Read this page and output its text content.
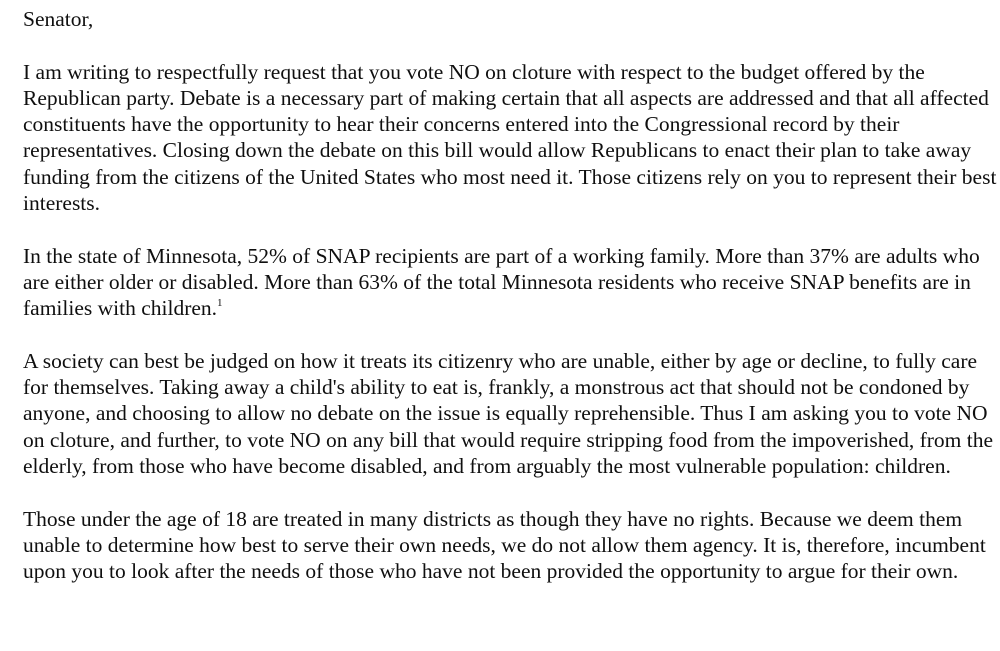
Senator,

I am writing to respectfully request that you vote NO on cloture with respect to the budget offered by the Republican party. Debate is a necessary part of making certain that all aspects are addressed and that all affected constituents have the opportunity to hear their concerns entered into the Congressional record by their representatives. Closing down the debate on this bill would allow Republicans to enact their plan to take away funding from the citizens of the United States who most need it. Those citizens rely on you to represent their best interests.

In the state of Minnesota, 52% of SNAP recipients are part of a working family. More than 37% are adults who are either older or disabled. More than 63% of the total Minnesota residents who receive SNAP benefits are in families with children.$^1$

A society can best be judged on how it treats its citizenry who are unable, either by age or decline, to fully care for themselves. Taking away a child's ability to eat is, frankly, a monstrous act that should not be condoned by anyone, and choosing to allow no debate on the issue is equally reprehensible. Thus I am asking you to vote NO on cloture, and further, to vote NO on any bill that would require stripping food from the impoverished, from the elderly, from those who have become disabled, and from arguably the most vulnerable population: children.

Those under the age of 18 are treated in many districts as though they have no rights. Because we deem them unable to determine how best to serve their own needs, we do not allow them agency. It is, therefore, incumbent upon you to look after the needs of those who have not been provided the opportunity to argue for their own.
